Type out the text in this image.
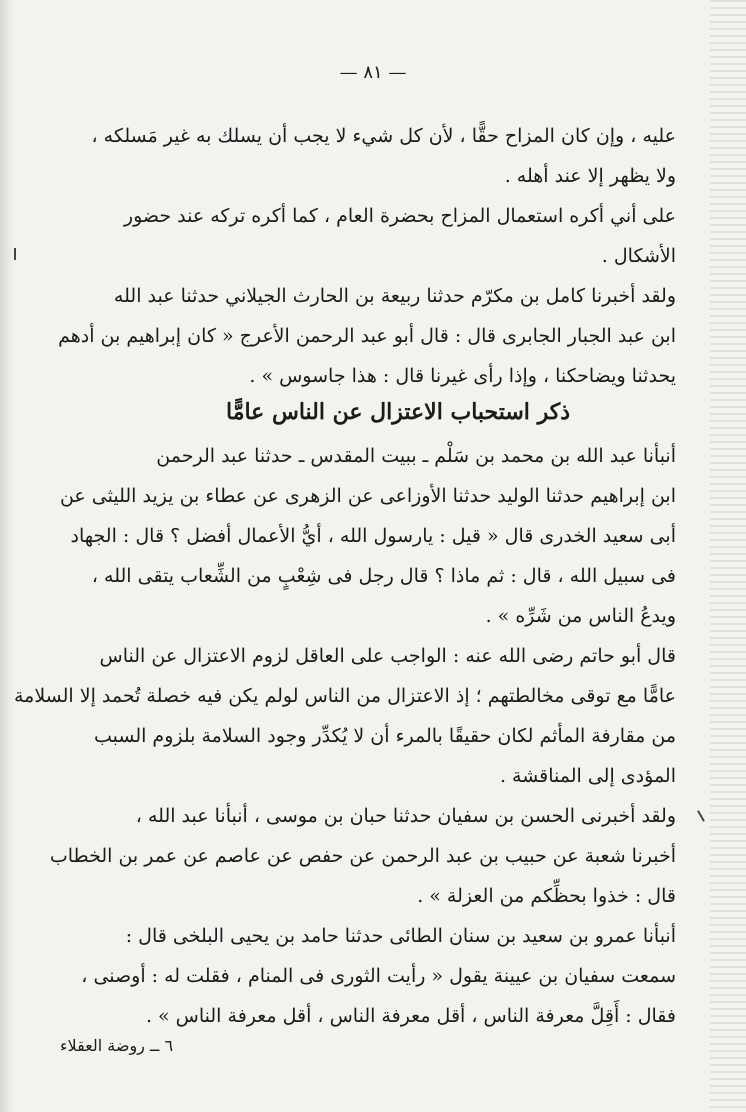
— ٨١ —
عليه ، وإن كان المزاح حقًّا ، لأن كل شيء لا يجب أن يسلك به غير مَسلكه ،
ولا يظهر إلا عند أهله .
على أني أكره استعمال المزاح بحضرة العام ، كما أكره تركه عند حضور
الأشكال .
ولقد أخبرنا كامل بن مكرّم حدثنا ربيعة بن الحارث الجيلاني حدثنا عبد الله
ابن عبد الجبار الجابرى قال : قال أبو عبد الرحمن الأعرج « كان إبراهيم بن أدهم
يحدثنا ويضاحكنا ، وإذا رأى غيرنا قال : هذا جاسوس » .
ذكر استحباب الاعتزال عن الناس عامًّا
أنبأنا عبد الله بن محمد بن سَلْم ـ ببيت المقدس ـ حدثنا عبد الرحمن
ابن إبراهيم حدثنا الوليد حدثنا الأوزاعى عن الزهرى عن عطاء بن يزيد الليثى عن
أبى سعيد الخدرى قال « قيل : يارسول الله ، أيُّ الأعمال أفضل ؟ قال : الجهاد
فى سبيل الله ، قال : ثم ماذا ؟ قال رجل فى شِعْبٍ من الشِّعاب يتقى الله ،
ويدعُ الناس من شَرِّه » .
قال أبو حاتم رضى الله عنه : الواجب على العاقل لزوم الاعتزال عن الناس
عامًّا مع توقى مخالطتهم ؛ إذ الاعتزال من الناس لولم يكن فيه خصلة تُحمد إلا السلامة
من مقارفة المأثم لكان حقيقًا بالمرء أن لا يُكدِّر وجود السلامة بلزوم السبب
المؤدى إلى المناقشة .
ولقد أخبرنى الحسن بن سفيان حدثنا حبان بن موسى ، أنبأنا عبد الله ،
أخبرنا شعبة عن حبيب بن عبد الرحمن عن حفص عن عاصم عن عمر بن الخطاب
قال : خذوا بحظِّكم من العزلة » .
أنبأنا عمرو بن سعيد بن سنان الطائى حدثنا حامد بن يحيى البلخى قال :
سمعت سفيان بن عيينة يقول « رأيت الثورى فى المنام ، فقلت له : أوصنى ،
فقال : أَقِلَّ معرفة الناس ، أقل معرفة الناس ، أقل معرفة الناس » .
٦ ــ روضة العقلاء
